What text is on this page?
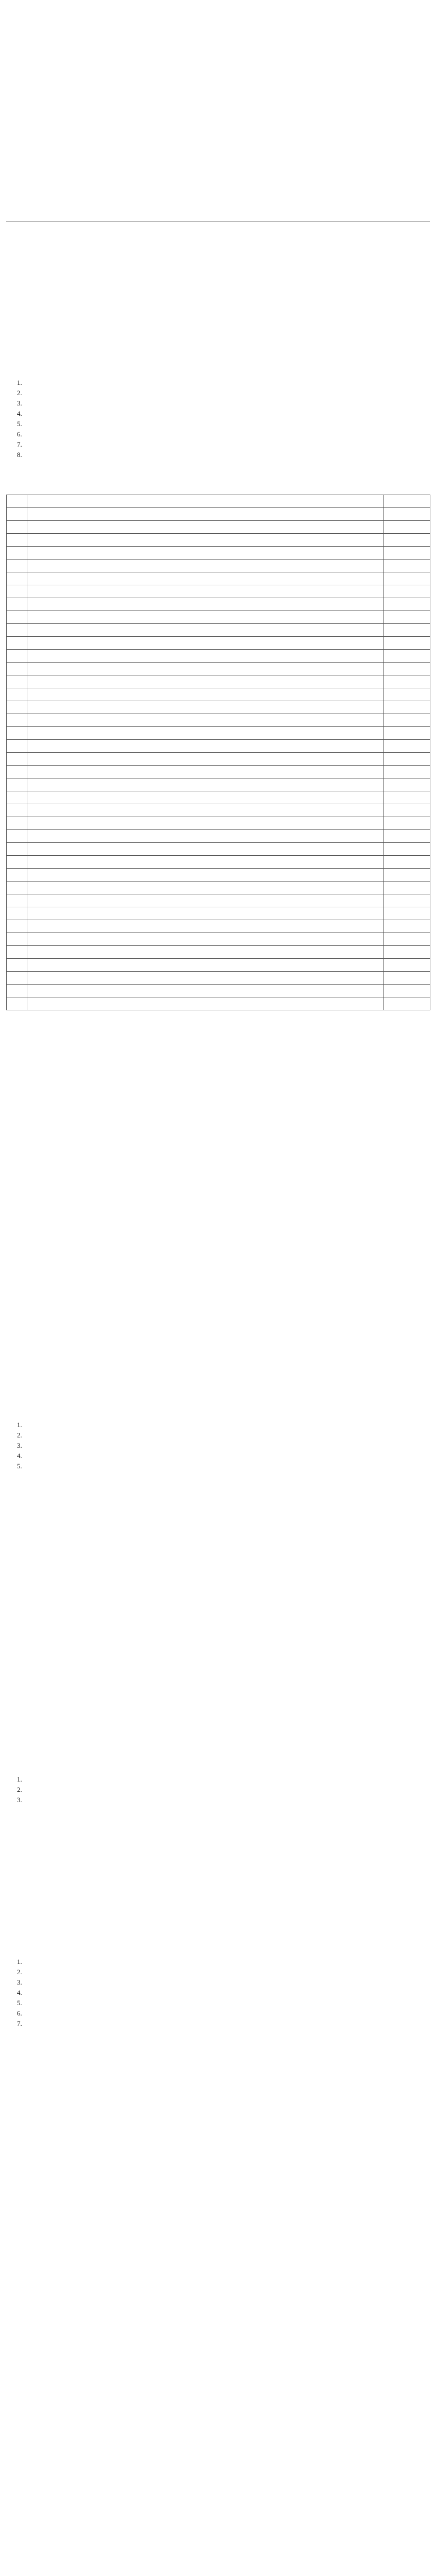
1.
2.
3.
4.
5.
6.
7.
8.

1.
2.
3.
4.
5.

1.
2.
3.

1.
2.
3.
4.
5.
6.
7.
